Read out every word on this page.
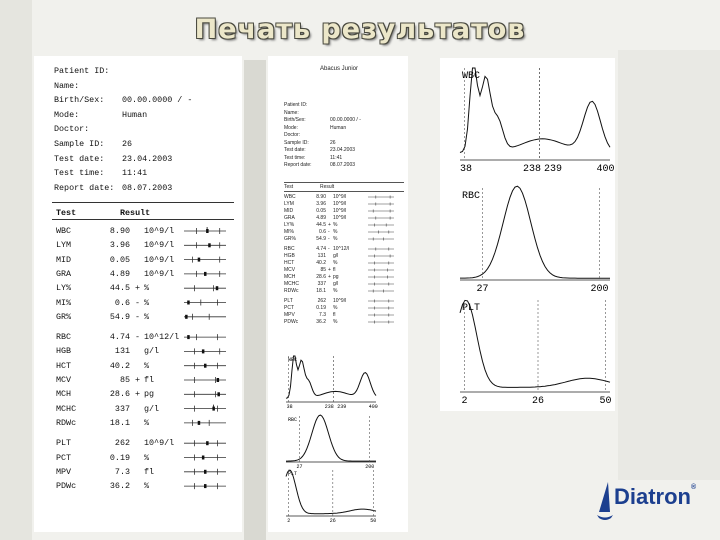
Печать результатов
Patient ID:
Name:
Birth/Sex: 00.00.0000 / -
Mode:	Human
Doctor:
Sample ID: 26
Test date: 23.04.2003
Test time: 11:41
Report date: 08.07.2003
Test	Result
WBC	8.90 10^9/l
LYM	3.96 10^9/l
MID	0.05 10^9/l
GRA	4.89 10^9/l
LY%	44.5 + %
MI%	0.6 - %
GR%	54.9 - %
RBC	4.74 - 10^12/l
HGB	131 g/l
HCT	40.2 %
MCV	85 + fl
MCH	28.6 + pg
MCHC	337 g/l
RDWc	18.1 %
PLT	262 10^9/l
PCT	0.19 %
MPV	7.3 fl
PDWc	36.2 %
Abacus Junior
Patient ID:
Name:
Birth/Sex:	00.00.0000 / -
Mode:	Human
Doctor:
Sample ID:	26
Test date:	23.04.2003
Test time:	11:41
Report date:	08.07.2003
Test	Result
WBC	8.90 10^9/l
LYM	3.96 10^9/l
MID	0.05 10^9/l
GRA	4.89 10^9/l
LY%	44.5 + %
MI%	0.6 - %
GR%	54.9 - %
RBC	4.74 - 10^12/l
HGB	131 g/l
HCT	40.2 %
MCV	85 + fl
MCH	28.6 + pg
MCHC	337 g/l
RDWc	18.1 %
PLT	262 10^9/l
PCT	0.19 %
MPV	7.3 fl
PDWc	36.2 %
WBC
38	238 239	400
RBC
27	200
PLT
2	26	50
WBC
38	238 239	400
RBC
27	200
PLT
2	26	50
Diatron®
